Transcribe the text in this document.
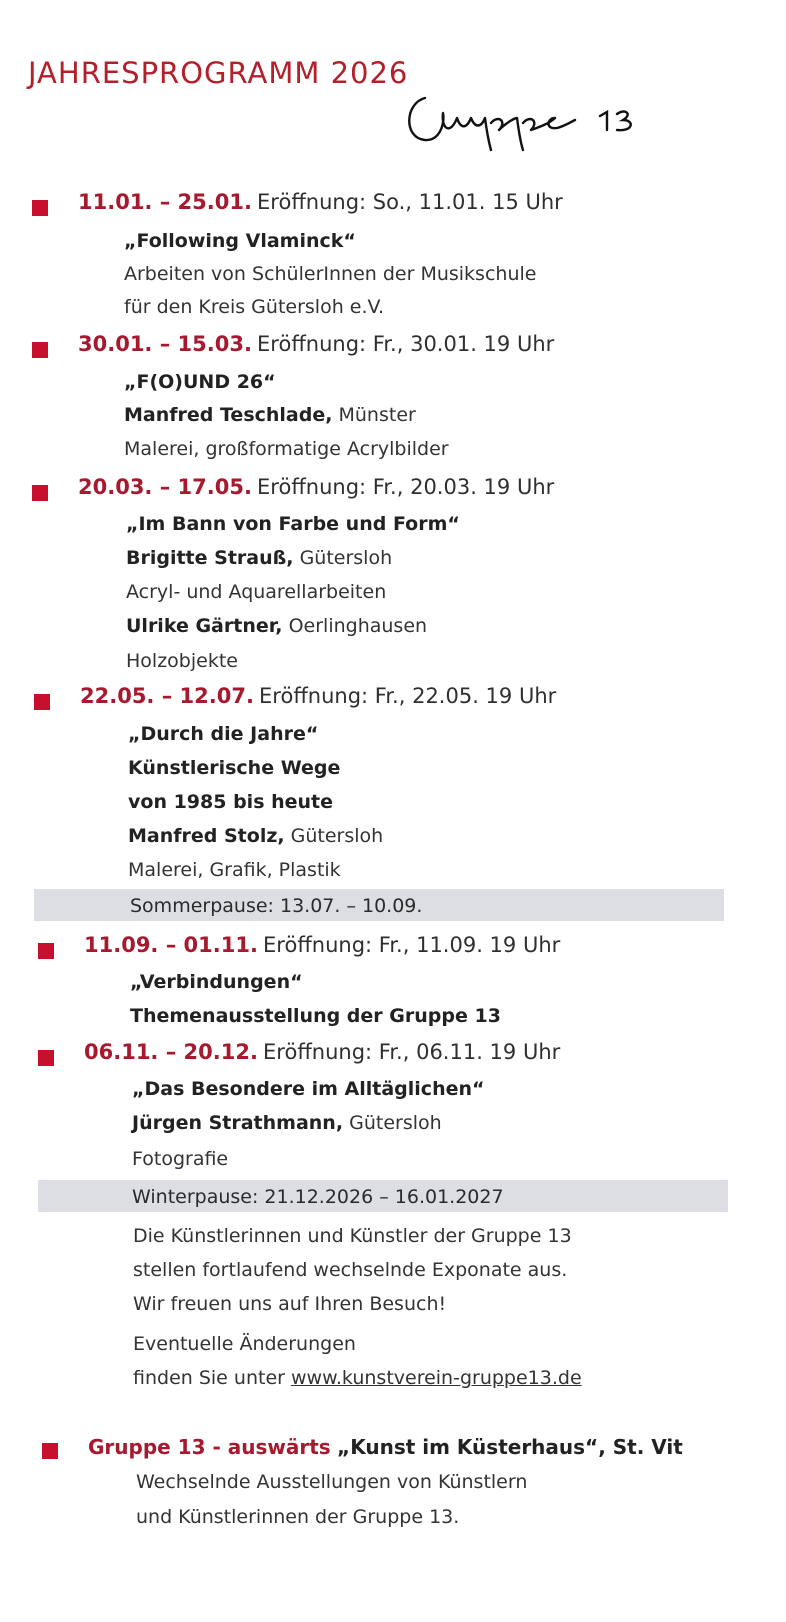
JAHRESPROGRAMM 2026
11.01. – 25.01. Eröffnung: So., 11.01. 15 Uhr
„Following Vlaminck“
Arbeiten von SchülerInnen der Musikschule
für den Kreis Gütersloh e.V.
30.01. – 15.03. Eröffnung: Fr., 30.01. 19 Uhr
„F(O)UND 26“
Manfred Teschlade, Münster
Malerei, großformatige Acrylbilder
20.03. – 17.05. Eröffnung: Fr., 20.03. 19 Uhr
„Im Bann von Farbe und Form“
Brigitte Strauß, Gütersloh
Acryl- und Aquarellarbeiten
Ulrike Gärtner, Oerlinghausen
Holzobjekte
22.05. – 12.07. Eröffnung: Fr., 22.05. 19 Uhr
„Durch die Jahre“
Künstlerische Wege
von 1985 bis heute
Manfred Stolz, Gütersloh
Malerei, Grafik, Plastik
Sommerpause: 13.07. – 10.09.
11.09. – 01.11. Eröffnung: Fr., 11.09. 19 Uhr
„Verbindungen“
Themenausstellung der Gruppe 13
06.11. – 20.12. Eröffnung: Fr., 06.11. 19 Uhr
„Das Besondere im Alltäglichen“
Jürgen Strathmann, Gütersloh
Fotografie
Winterpause: 21.12.2026 – 16.01.2027
Die Künstlerinnen und Künstler der Gruppe 13
stellen fortlaufend wechselnde Exponate aus.
Wir freuen uns auf Ihren Besuch!
Eventuelle Änderungen
finden Sie unter www.kunstverein-gruppe13.de
Gruppe 13 - auswärts „Kunst im Küsterhaus“, St. Vit
Wechselnde Ausstellungen von Künstlern
und Künstlerinnen der Gruppe 13.
